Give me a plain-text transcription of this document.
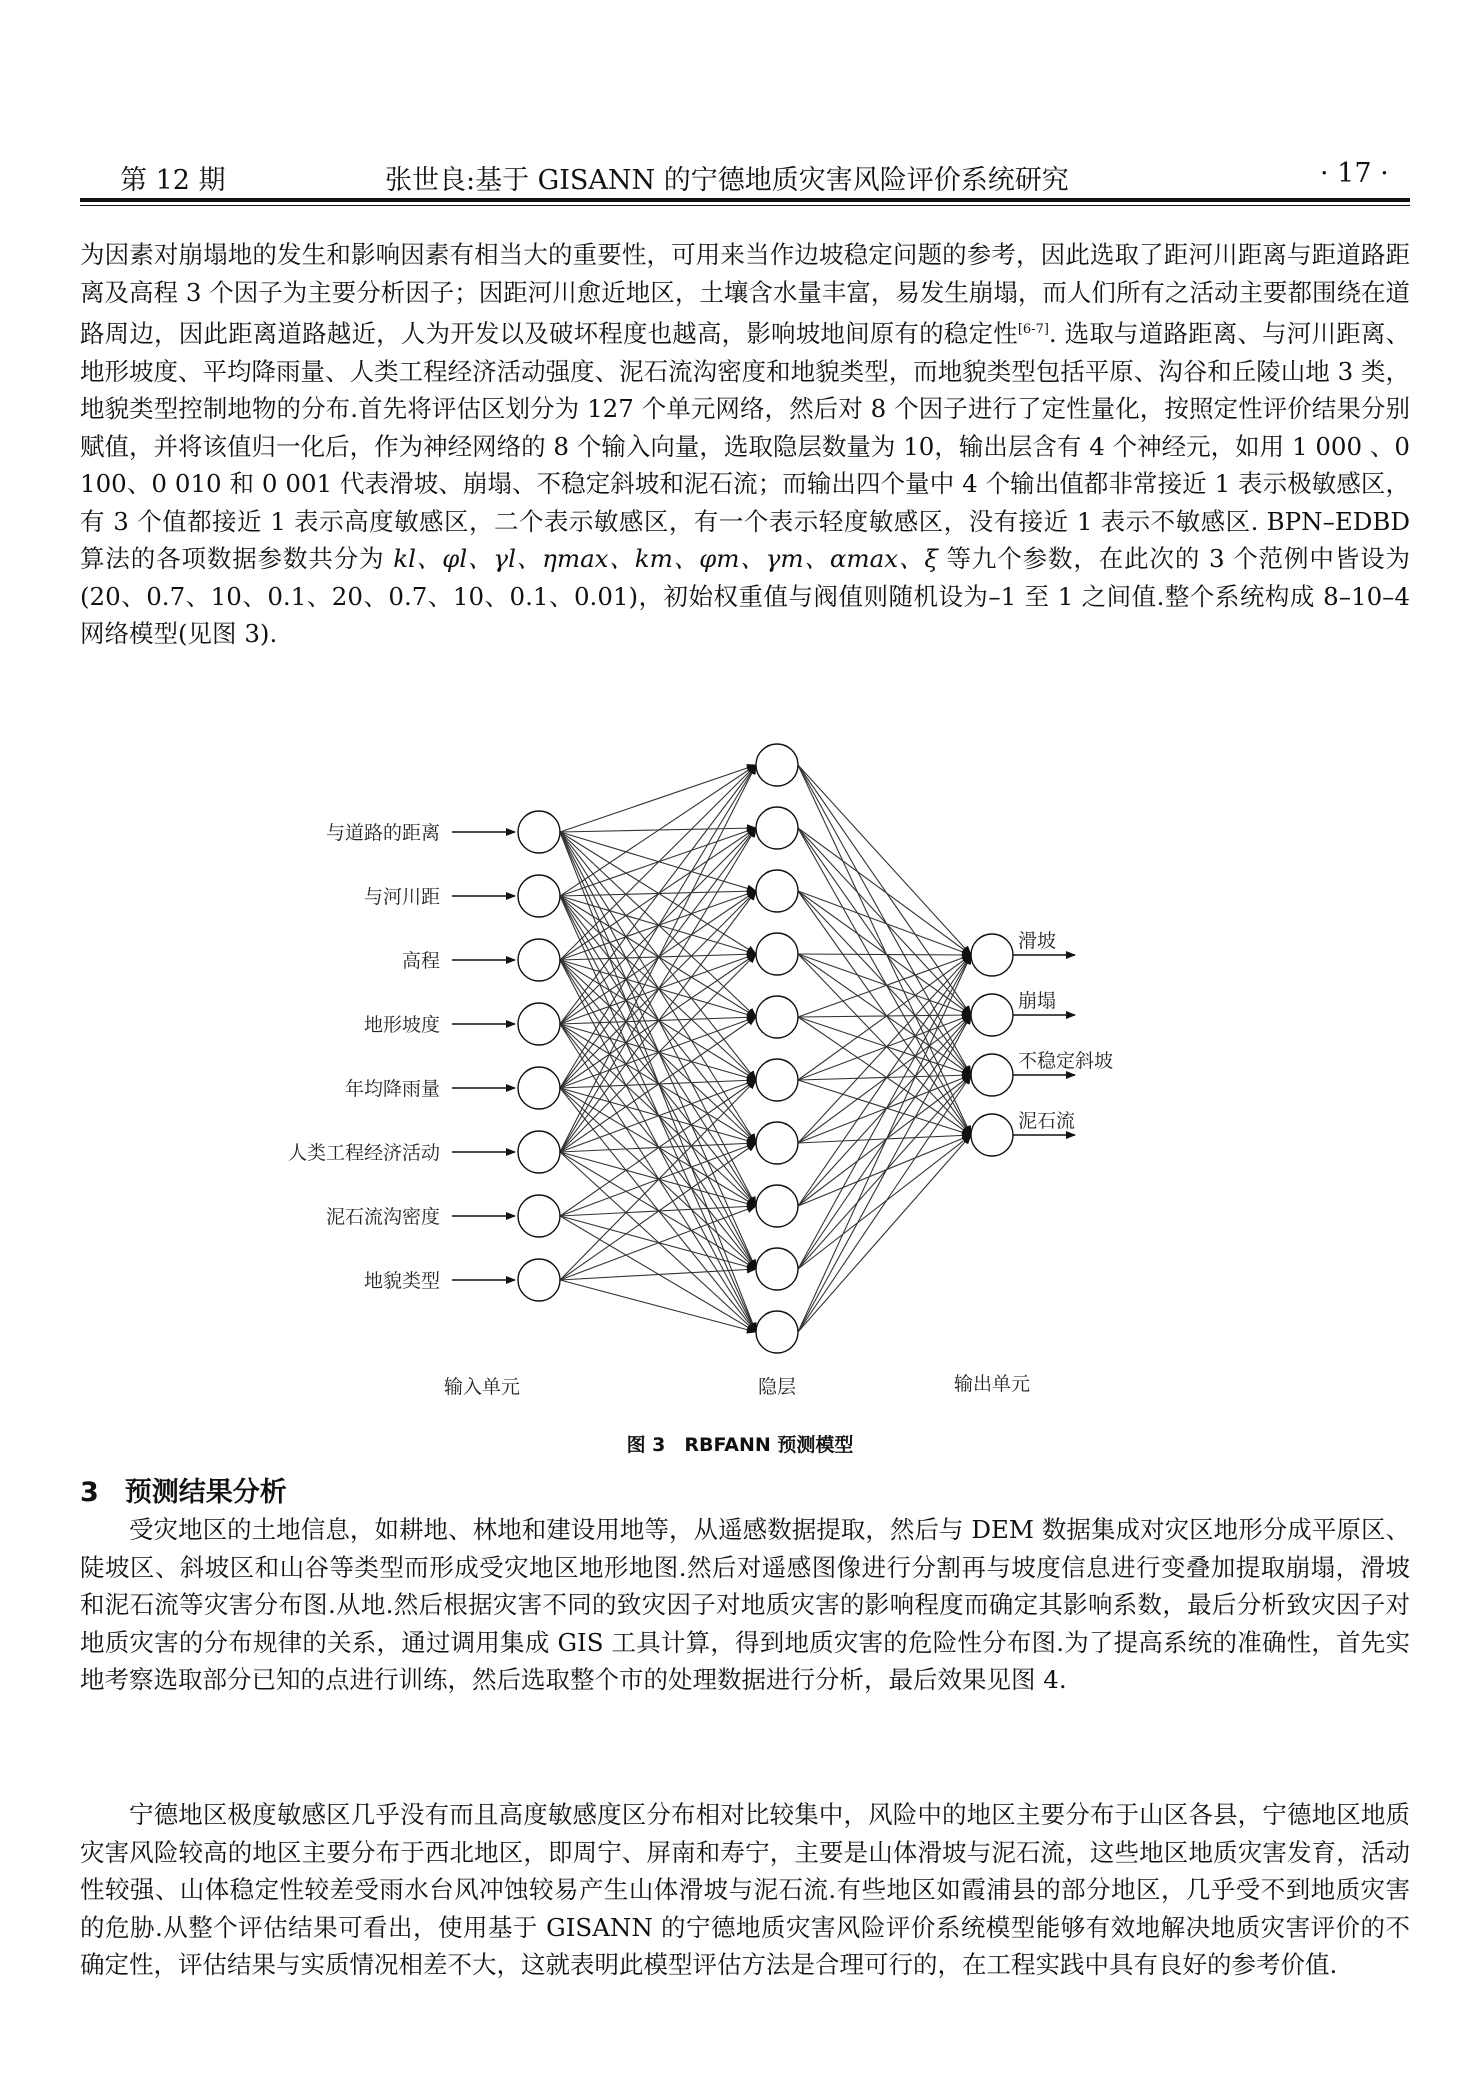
第 12 期	张世良:基于 GISANN 的宁德地质灾害风险评价系统研究	· 17 ·
为因素对崩塌地的发生和影响因素有相当大的重要性，可用来当作边坡稳定问题的参考，因此选取了距河川距离与距道路距离及高程 3 个因子为主要分析因子；因距河川愈近地区，土壤含水量丰富，易发生崩塌，而人们所有之活动主要都围绕在道路周边，因此距离道路越近，人为开发以及破坏程度也越高，影响坡地间原有的稳定性[6-7]. 选取与道路距离、与河川距离、地形坡度、平均降雨量、人类工程经济活动强度、泥石流沟密度和地貌类型，而地貌类型包括平原、沟谷和丘陵山地 3 类，地貌类型控制地物的分布.首先将评估区划分为 127 个单元网络，然后对 8 个因子进行了定性量化，按照定性评价结果分别赋值，并将该值归一化后，作为神经网络的 8 个输入向量，选取隐层数量为 10，输出层含有 4 个神经元，如用 1 000 、0 100、0 010 和 0 001 代表滑坡、崩塌、不稳定斜坡和泥石流；而输出四个量中 4 个输出值都非常接近 1 表示极敏感区，有 3 个值都接近 1 表示高度敏感区，二个表示敏感区，有一个表示轻度敏感区，没有接近 1 表示不敏感区. BPN–EDBD 算法的各项数据参数共分为 kl、φl、γl、ηmax、km、φm、γm、αmax、ξ 等九个参数，在此次的 3 个范例中皆设为(20、0.7、10、0.1、20、0.7、10、0.1、0.01)，初始权重值与阀值则随机设为–1 至 1 之间值.整个系统构成 8–10–4 网络模型(见图 3).
与道路的距离
与河川距
高程
地形坡度
年均降雨量
人类工程经济活动
泥石流沟密度
地貌类型
滑坡
崩塌
不稳定斜坡
泥石流
输入单元	隐层	输出单元
图 3　RBFANN 预测模型
3 预测结果分析
受灾地区的土地信息，如耕地、林地和建设用地等，从遥感数据提取，然后与 DEM 数据集成对灾区地形分成平原区、陡坡区、斜坡区和山谷等类型而形成受灾地区地形地图.然后对遥感图像进行分割再与坡度信息进行变叠加提取崩塌，滑坡和泥石流等灾害分布图.从地.然后根据灾害不同的致灾因子对地质灾害的影响程度而确定其影响系数，最后分析致灾因子对地质灾害的分布规律的关系，通过调用集成 GIS 工具计算，得到地质灾害的危险性分布图.为了提高系统的准确性，首先实地考察选取部分已知的点进行训练，然后选取整个市的处理数据进行分析，最后效果见图 4.
宁德地区极度敏感区几乎没有而且高度敏感度区分布相对比较集中，风险中的地区主要分布于山区各县，宁德地区地质灾害风险较高的地区主要分布于西北地区，即周宁、屏南和寿宁，主要是山体滑坡与泥石流，这些地区地质灾害发育，活动性较强、山体稳定性较差受雨水台风冲蚀较易产生山体滑坡与泥石流.有些地区如霞浦县的部分地区，几乎受不到地质灾害的危胁.从整个评估结果可看出，使用基于 GISANN 的宁德地质灾害风险评价系统模型能够有效地解决地质灾害评价的不确定性，评估结果与实质情况相差不大，这就表明此模型评估方法是合理可行的，在工程实践中具有良好的参考价值.
